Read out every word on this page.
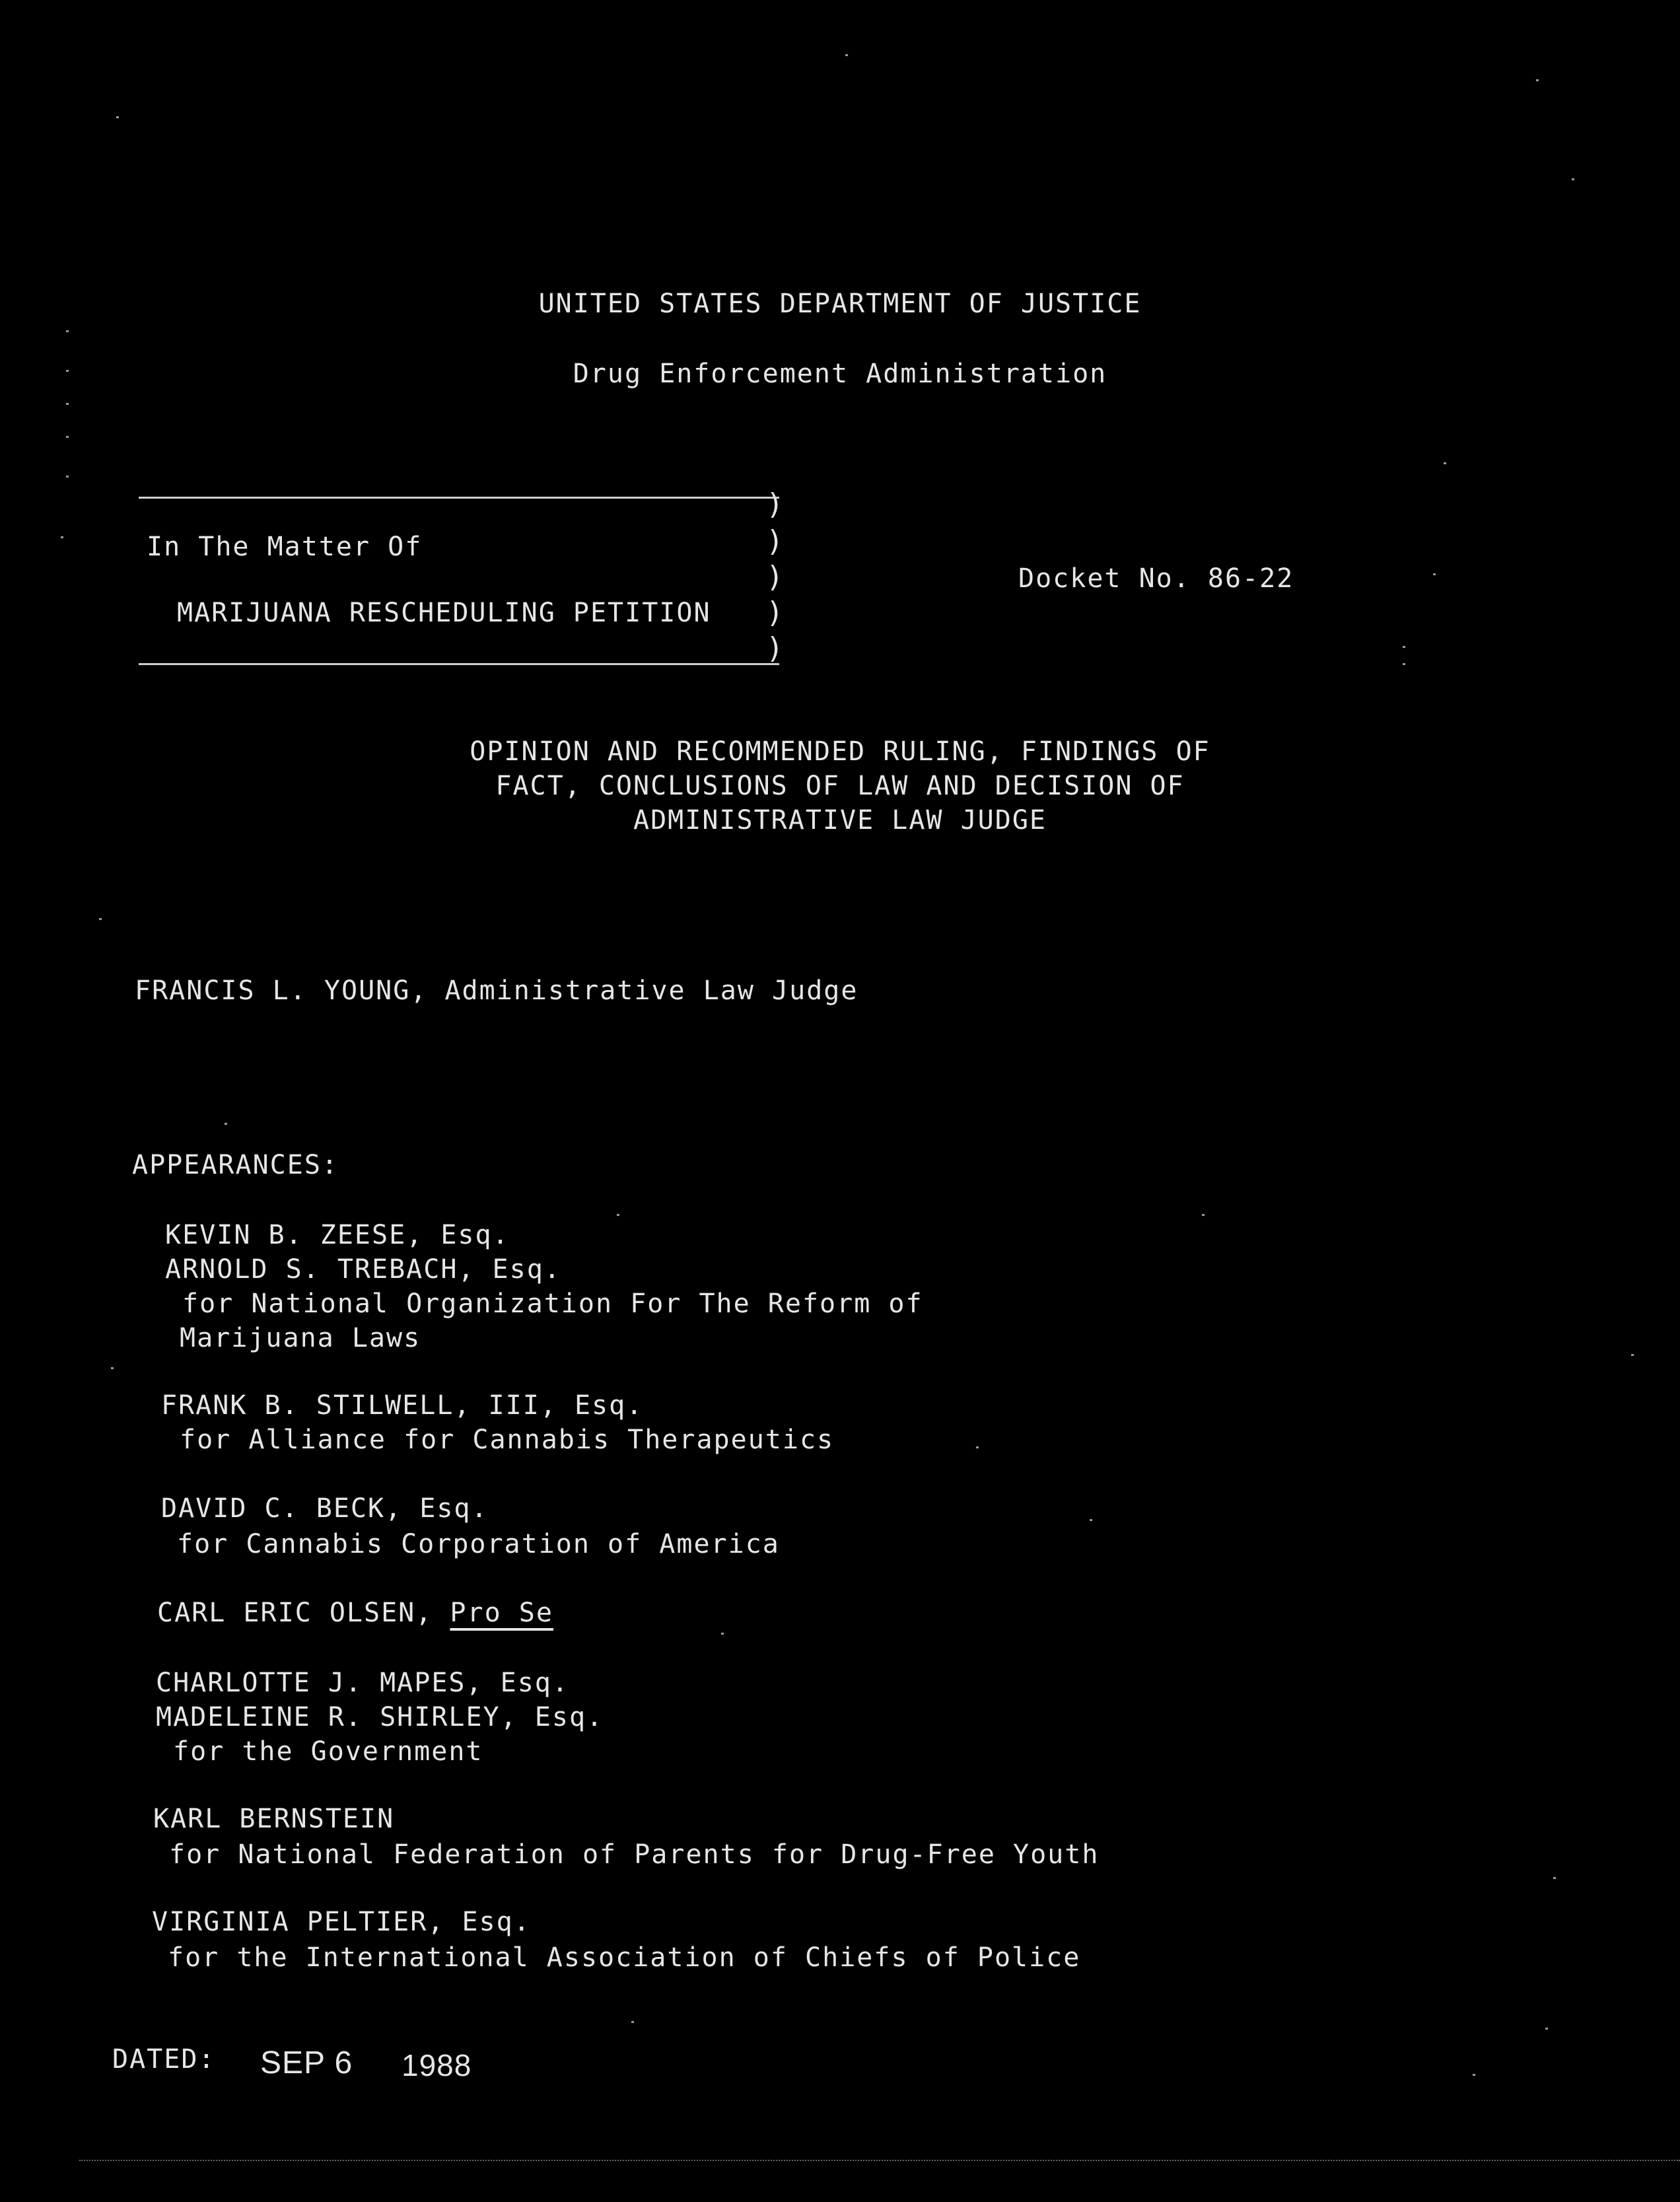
UNITED STATES DEPARTMENT OF JUSTICE
Drug Enforcement Administration
)
)
)
)
)
In The Matter Of
MARIJUANA RESCHEDULING PETITION
Docket No. 86-22
OPINION AND RECOMMENDED RULING, FINDINGS OF
FACT, CONCLUSIONS OF LAW AND DECISION OF
ADMINISTRATIVE LAW JUDGE
FRANCIS L. YOUNG, Administrative Law Judge
APPEARANCES:
KEVIN B. ZEESE, Esq.
ARNOLD S. TREBACH, Esq.
for National Organization For The Reform of
Marijuana Laws
FRANK B. STILWELL, III, Esq.
for Alliance for Cannabis Therapeutics
DAVID C. BECK, Esq.
for Cannabis Corporation of America
CARL ERIC OLSEN, Pro Se
CHARLOTTE J. MAPES, Esq.
MADELEINE R. SHIRLEY, Esq.
for the Government
KARL BERNSTEIN
for National Federation of Parents for Drug-Free Youth
VIRGINIA PELTIER, Esq.
for the International Association of Chiefs of Police
DATED: SEP 6 1988
